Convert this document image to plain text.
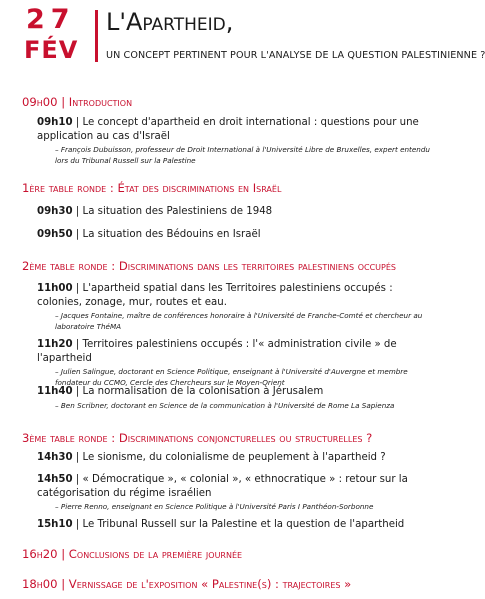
27
FÉV
L'Apartheid,
UN CONCEPT PERTINENT POUR L'ANALYSE DE LA QUESTION PALESTINIENNE ?
09h00 | Introduction
09h10 | Le concept d'apartheid en droit international : questions pour une application au cas d'Israël
– François Dubuisson, professeur de Droit International à l'Université Libre de Bruxelles, expert entendu lors du Tribunal Russell sur la Palestine
1ère table ronde : État des discriminations en Israël
09h30 | La situation des Palestiniens de 1948
09h50 | La situation des Bédouins en Israël
2ème table ronde : Discriminations dans les territoires palestiniens occupés
11h00 | L'apartheid spatial dans les Territoires palestiniens occupés : colonies, zonage, mur, routes et eau.
– Jacques Fontaine, maître de conférences honoraire à l'Université de Franche-Comté et chercheur au laboratoire ThéMA
11h20 | Territoires palestiniens occupés : l'« administration civile » de l'apartheid
– Julien Salingue, doctorant en Science Politique, enseignant à l'Université d'Auvergne et membre fondateur du CCMO, Cercle des Chercheurs sur le Moyen-Orient
11h40 | La normalisation de la colonisation à Jérusalem
– Ben Scribner, doctorant en Science de la communication à l'Université de Rome La Sapienza
3ème table ronde : Discriminations conjoncturelles ou structurelles ?
14h30 | Le sionisme, du colonialisme de peuplement à l'apartheid ?
14h50 | « Démocratique », « colonial », « ethnocratique » : retour sur la catégorisation du régime israélien
– Pierre Renno, enseignant en Science Politique à l'Université Paris I Panthéon-Sorbonne
15h10 | Le Tribunal Russell sur la Palestine et la question de l'apartheid
16h20 | Conclusions de la première journée
18h00 | Vernissage de l'exposition « Palestine(s) : trajectoires »
